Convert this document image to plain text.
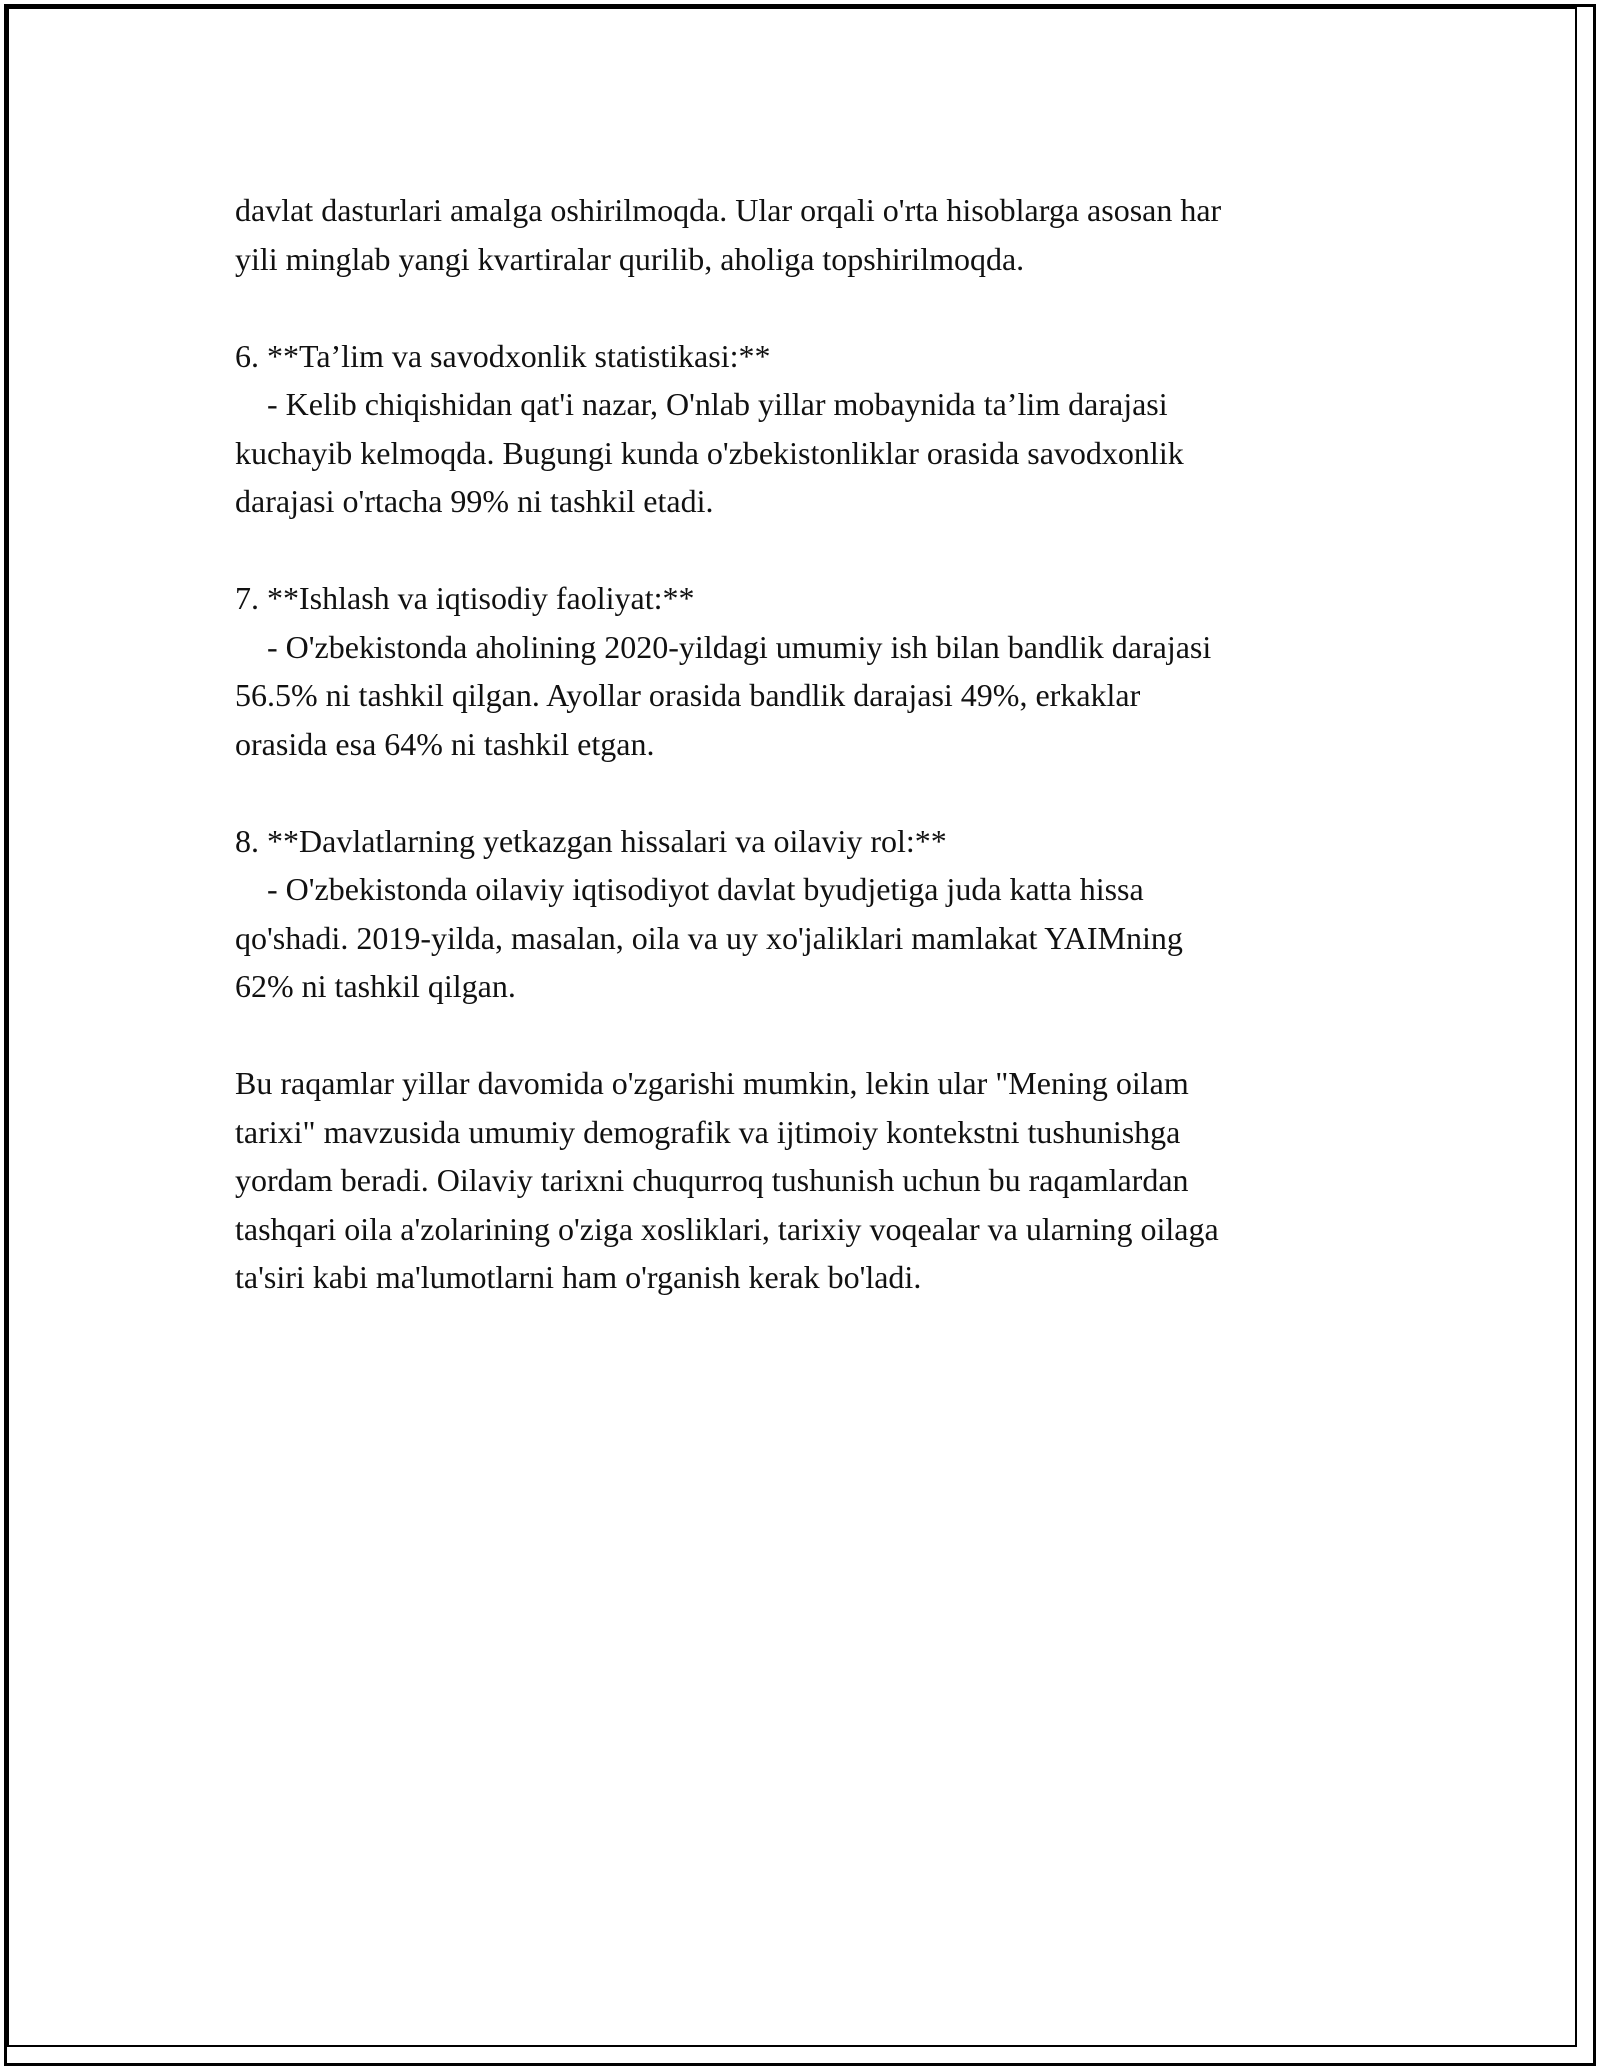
davlat dasturlari amalga oshirilmoqda. Ular orqali o'rta hisoblarga asosan har

yili minglab yangi kvartiralar qurilib, aholiga topshirilmoqda.

6. **Ta’lim va savodxonlik statistikasi:**

- Kelib chiqishidan qat'i nazar, O'nlab yillar mobaynida ta’lim darajasi

kuchayib kelmoqda. Bugungi kunda o'zbekistonliklar orasida savodxonlik

darajasi o'rtacha 99% ni tashkil etadi.

7. **Ishlash va iqtisodiy faoliyat:**

- O'zbekistonda aholining 2020-yildagi umumiy ish bilan bandlik darajasi

56.5% ni tashkil qilgan. Ayollar orasida bandlik darajasi 49%, erkaklar

orasida esa 64% ni tashkil etgan.

8. **Davlatlarning yetkazgan hissalari va oilaviy rol:**

- O'zbekistonda oilaviy iqtisodiyot davlat byudjetiga juda katta hissa

qo'shadi. 2019-yilda, masalan, oila va uy xo'jaliklari mamlakat YAIMning

62% ni tashkil qilgan.

Bu raqamlar yillar davomida o'zgarishi mumkin, lekin ular "Mening oilam

tarixi" mavzusida umumiy demografik va ijtimoiy kontekstni tushunishga

yordam beradi. Oilaviy tarixni chuqurroq tushunish uchun bu raqamlardan

tashqari oila a'zolarining o'ziga xosliklari, tarixiy voqealar va ularning oilaga

ta'siri kabi ma'lumotlarni ham o'rganish kerak bo'ladi.
